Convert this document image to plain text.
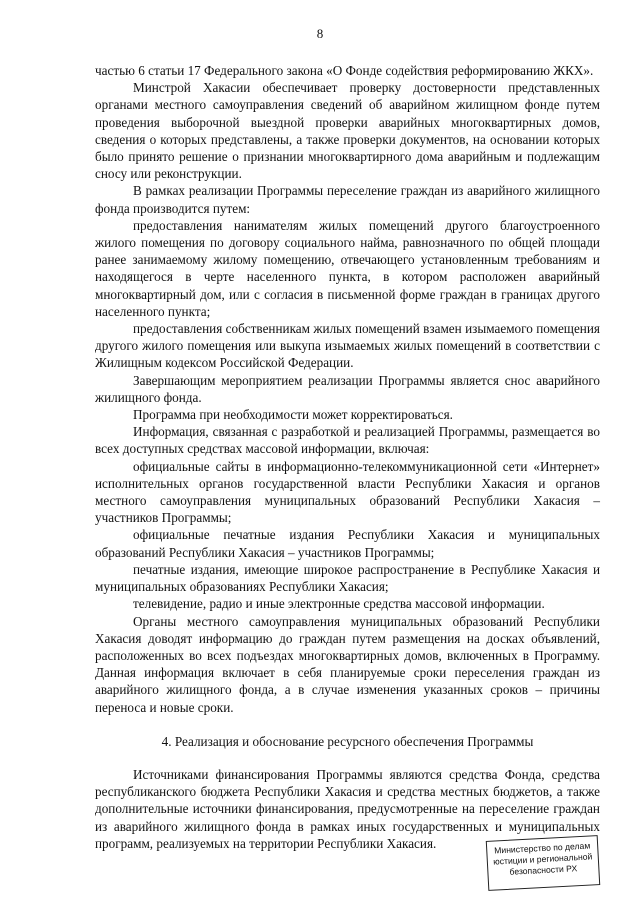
8

частью 6 статьи 17 Федерального закона «О Фонде содействия реформированию ЖКХ».

Минстрой Хакасии обеспечивает проверку достоверности представленных органами местного самоуправления сведений об аварийном жилищном фонде путем проведения выборочной выездной проверки аварийных многоквартирных домов, сведения о которых представлены, а также проверки документов, на основании которых было принято решение о признании многоквартирного дома аварийным и подлежащим сносу или реконструкции.

В рамках реализации Программы переселение граждан из аварийного жилищного фонда производится путем:

предоставления нанимателям жилых помещений другого благоустроенного жилого помещения по договору социального найма, равнозначного по общей площади ранее занимаемому жилому помещению, отвечающего установленным требованиям и находящегося в черте населенного пункта, в котором расположен аварийный многоквартирный дом, или с согласия в письменной форме граждан в границах другого населенного пункта;

предоставления собственникам жилых помещений взамен изымаемого помещения другого жилого помещения или выкупа изымаемых жилых помещений в соответствии с Жилищным кодексом Российской Федерации.

Завершающим мероприятием реализации Программы является снос аварийного жилищного фонда.

Программа при необходимости может корректироваться.

Информация, связанная с разработкой и реализацией Программы, размещается во всех доступных средствах массовой информации, включая:

официальные сайты в информационно-телекоммуникационной сети «Интернет» исполнительных органов государственной власти Республики Хакасия и органов местного самоуправления муниципальных образований Республики Хакасия – участников Программы;

официальные печатные издания Республики Хакасия и муниципальных образований Республики Хакасия – участников Программы;

печатные издания, имеющие широкое распространение в Республике Хакасия и муниципальных образованиях Республики Хакасия;

телевидение, радио и иные электронные средства массовой информации.

Органы местного самоуправления муниципальных образований Республики Хакасия доводят информацию до граждан путем размещения на досках объявлений, расположенных во всех подъездах многоквартирных домов, включенных в Программу. Данная информация включает в себя планируемые сроки переселения граждан из аварийного жилищного фонда, а в случае изменения указанных сроков – причины переноса и новые сроки.

4. Реализация и обоснование ресурсного обеспечения Программы

Источниками финансирования Программы являются средства Фонда, средства республиканского бюджета Республики Хакасия и средства местных бюджетов, а также дополнительные источники финансирования, предусмотренные на переселение граждан из аварийного жилищного фонда в рамках иных государственных и муниципальных программ, реализуемых на территории Республики Хакасия.	Министерство по делам
юстиции и региональной
безопасности РХ
